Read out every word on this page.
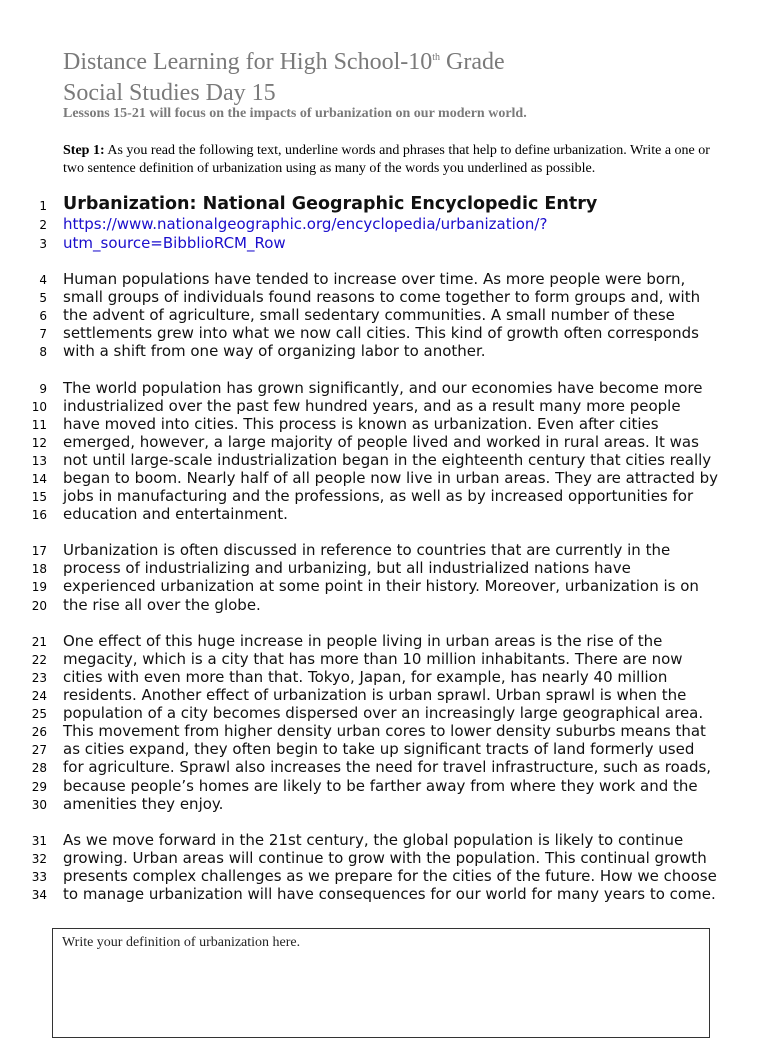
Distance Learning for High School-10th Grade
Social Studies Day 15
Lessons 15-21 will focus on the impacts of urbanization on our modern world.
Step 1: As you read the following text, underline words and phrases that help to define urbanization. Write a one or two sentence definition of urbanization using as many of the words you underlined as possible.
1 Urbanization: National Geographic Encyclopedic Entry
2 https://www.nationalgeographic.org/encyclopedia/urbanization/?
3 utm_source=BibblioRCM_Row
4 Human populations have tended to increase over time. As more people were born,
5 small groups of individuals found reasons to come together to form groups and, with
6 the advent of agriculture, small sedentary communities. A small number of these
7 settlements grew into what we now call cities. This kind of growth often corresponds
8 with a shift from one way of organizing labor to another.
9 The world population has grown significantly, and our economies have become more
10 industrialized over the past few hundred years, and as a result many more people
11 have moved into cities. This process is known as urbanization. Even after cities
12 emerged, however, a large majority of people lived and worked in rural areas. It was
13 not until large-scale industrialization began in the eighteenth century that cities really
14 began to boom. Nearly half of all people now live in urban areas. They are attracted by
15 jobs in manufacturing and the professions, as well as by increased opportunities for
16 education and entertainment.
17 Urbanization is often discussed in reference to countries that are currently in the
18 process of industrializing and urbanizing, but all industrialized nations have
19 experienced urbanization at some point in their history. Moreover, urbanization is on
20 the rise all over the globe.
21 One effect of this huge increase in people living in urban areas is the rise of the
22 megacity, which is a city that has more than 10 million inhabitants. There are now
23 cities with even more than that. Tokyo, Japan, for example, has nearly 40 million
24 residents. Another effect of urbanization is urban sprawl. Urban sprawl is when the
25 population of a city becomes dispersed over an increasingly large geographical area.
26 This movement from higher density urban cores to lower density suburbs means that
27 as cities expand, they often begin to take up significant tracts of land formerly used
28 for agriculture. Sprawl also increases the need for travel infrastructure, such as roads,
29 because people’s homes are likely to be farther away from where they work and the
30 amenities they enjoy.
31 As we move forward in the 21st century, the global population is likely to continue
32 growing. Urban areas will continue to grow with the population. This continual growth
33 presents complex challenges as we prepare for the cities of the future. How we choose
34 to manage urbanization will have consequences for our world for many years to come.
Write your definition of urbanization here.
